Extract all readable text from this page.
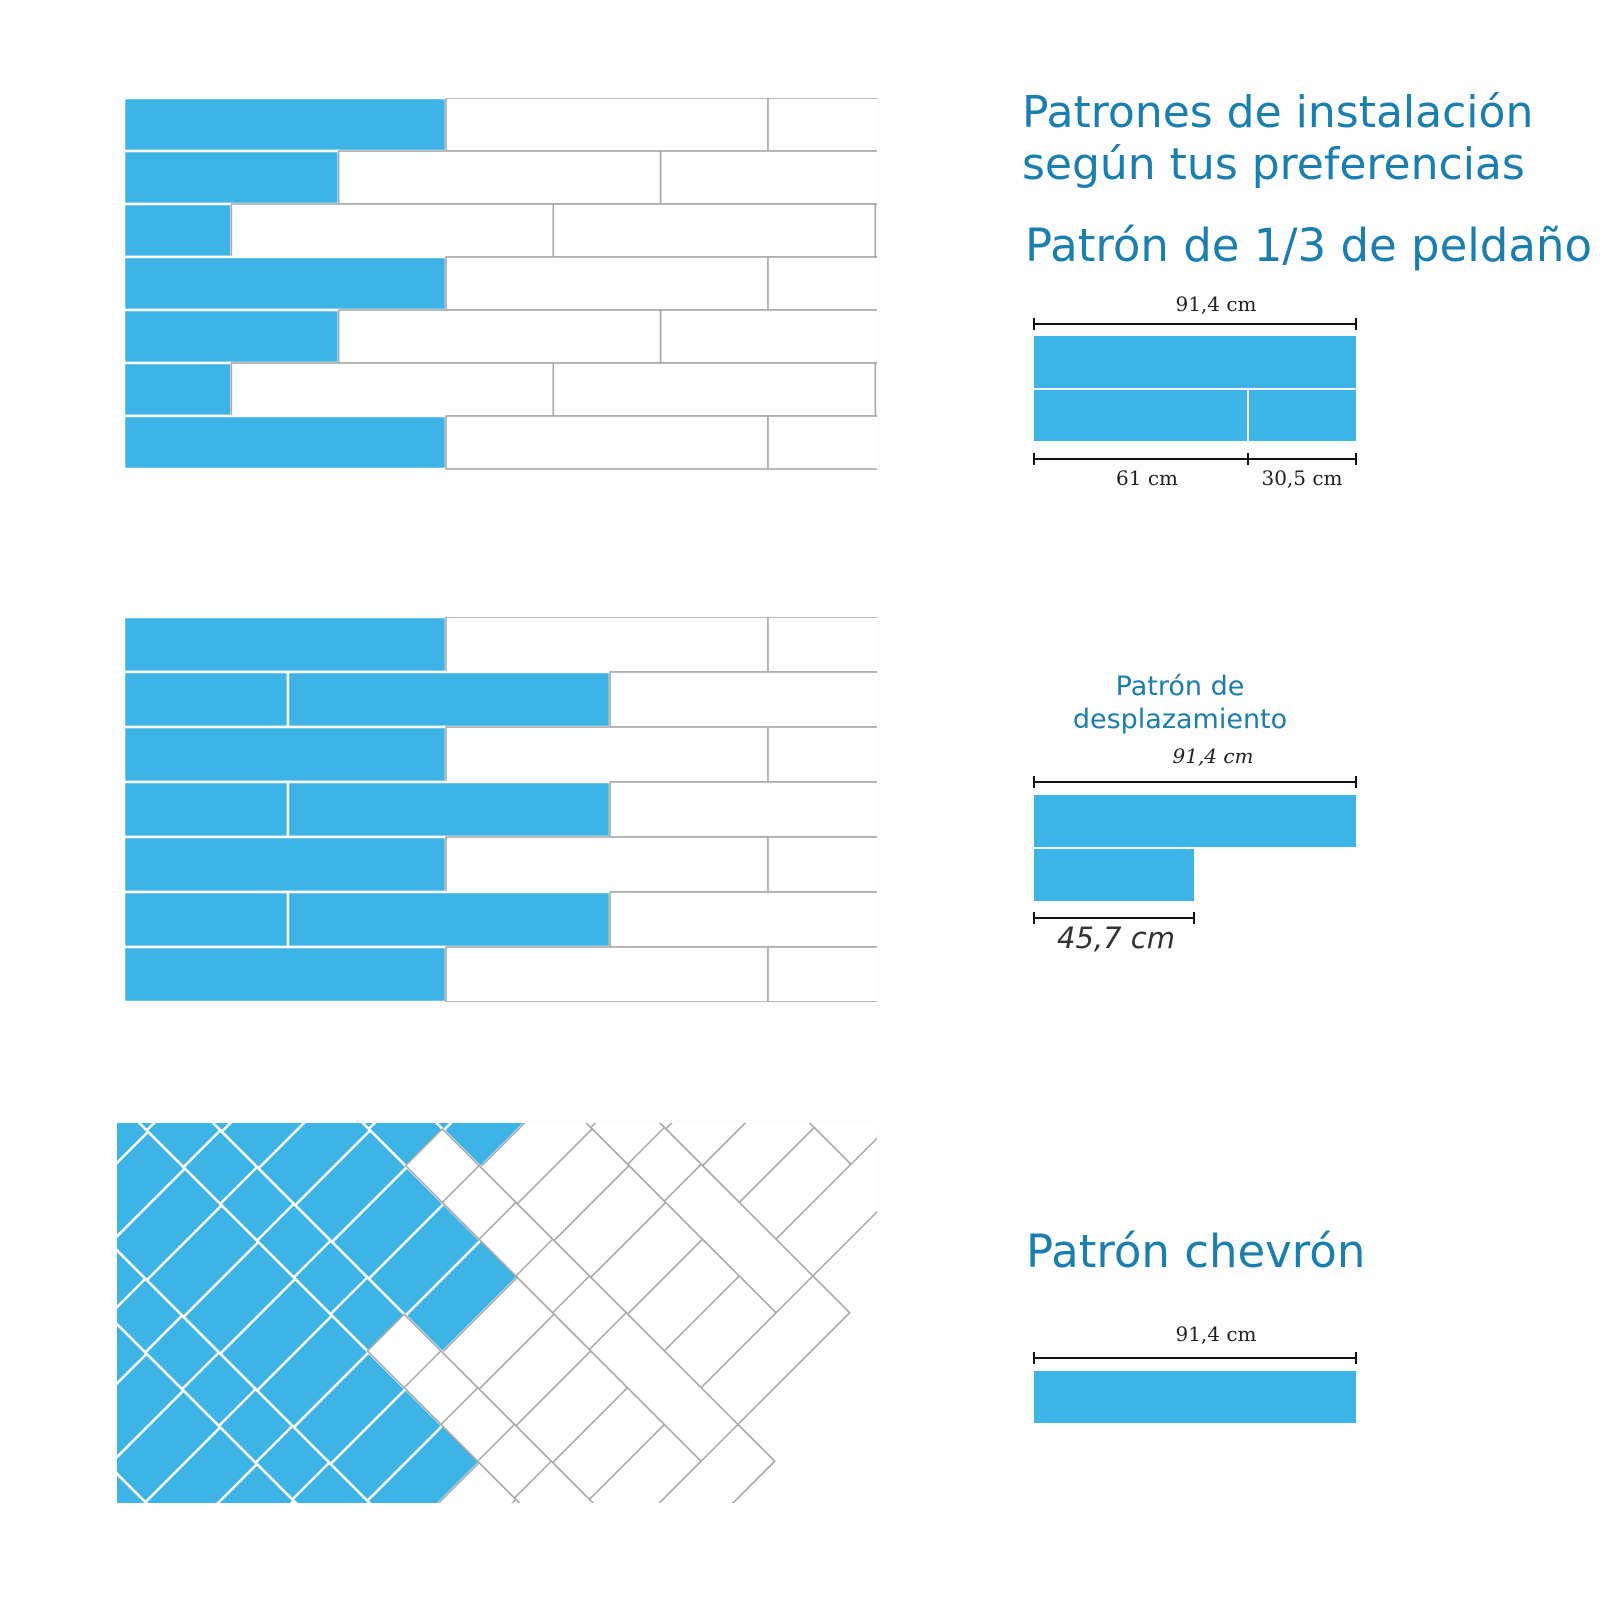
Patrones de instalación

según tus preferencias

Patrón de 1/3 de peldaño

91,4 cm
61 cm	30,5 cm
Patrón de
desplazamiento
91,4 cm
45,7 cm

Patrón chevrón

91,4 cm
